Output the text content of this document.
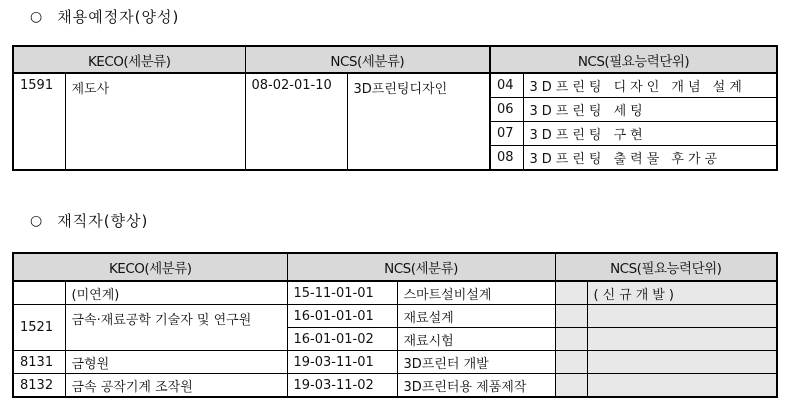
○ 채용예정자(양성)
KECO(세분류)		NCS(세분류)		NCS(필요능력단위)	
1591	제도사	08-02-01-10	3D프린팅디자인	04	3D프린팅 디자인 개념 설계
				06	3D프린팅 세팅
				07	3D프린팅 구현
				08	3D프린팅 출력물 후가공
○ 재직자(향상)
KECO(세분류)		NCS(세분류)		NCS(필요능력단위)	
	(미연계)	15-11-01-01	스마트설비설계		(신규개발)
1521	금속·재료공학 기술자 및 연구원	16-01-01-01	재료설계		
		16-01-01-02	재료시험		
8131	금형원	19-03-11-01	3D프린터 개발		
8132	금속 공작기계 조작원	19-03-11-02	3D프린터용 제품제작		
